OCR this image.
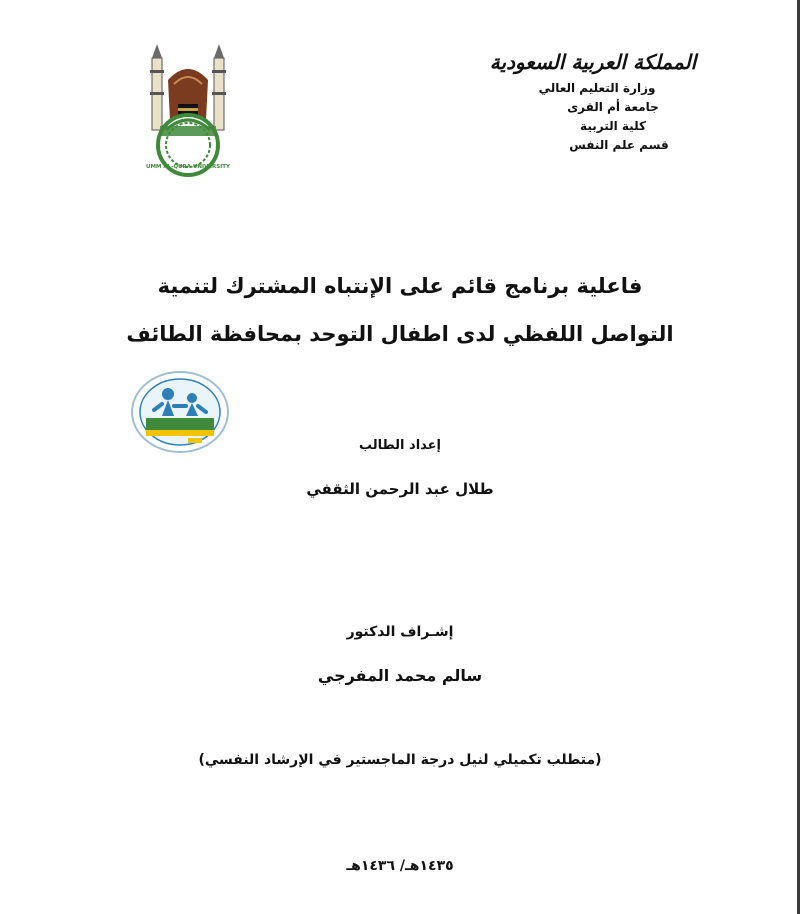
المملكة العربية السعودية
وزارة التعليم العالي
جامعة أم القرى
كلية التربية
قسم علم النفس
UMM AL-QURA UNIVERSITY
فاعلية برنامج قائم على الإنتباه المشترك لتنمية
التواصل اللفظي لدى اطفال التوحد بمحافظة الطائف
إعداد الطالب
طلال عبد الرحمن الثقفي
إشـراف الدكتور
سالم محمد المفرجي
(متطلب تكميلي لنيل درجة الماجستير في الإرشاد النفسي)
١٤٣٥هـ/ ١٤٣٦هـ
